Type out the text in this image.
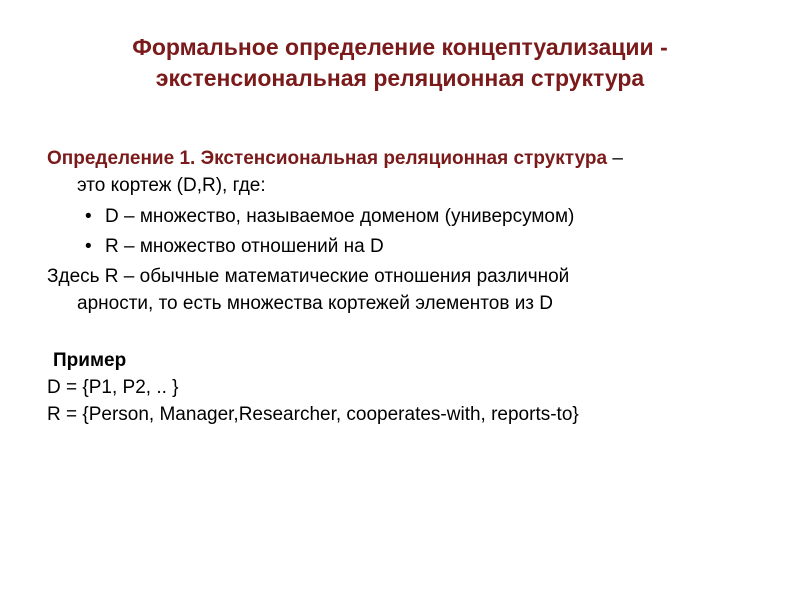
Формальное определение концептуализации -
экстенсиональная реляционная структура
Определение 1. Экстенсиональная реляционная структура –
это кортеж (D,R), где:
• D – множество, называемое доменом (универсумом)
• R – множество отношений на D
Здесь R – обычные математические отношения различной
арности, то есть множества кортежей элементов из D
Пример
D = {P1, P2, .. }
R = {Person, Manager,Researcher, cooperates-with, reports-to}
